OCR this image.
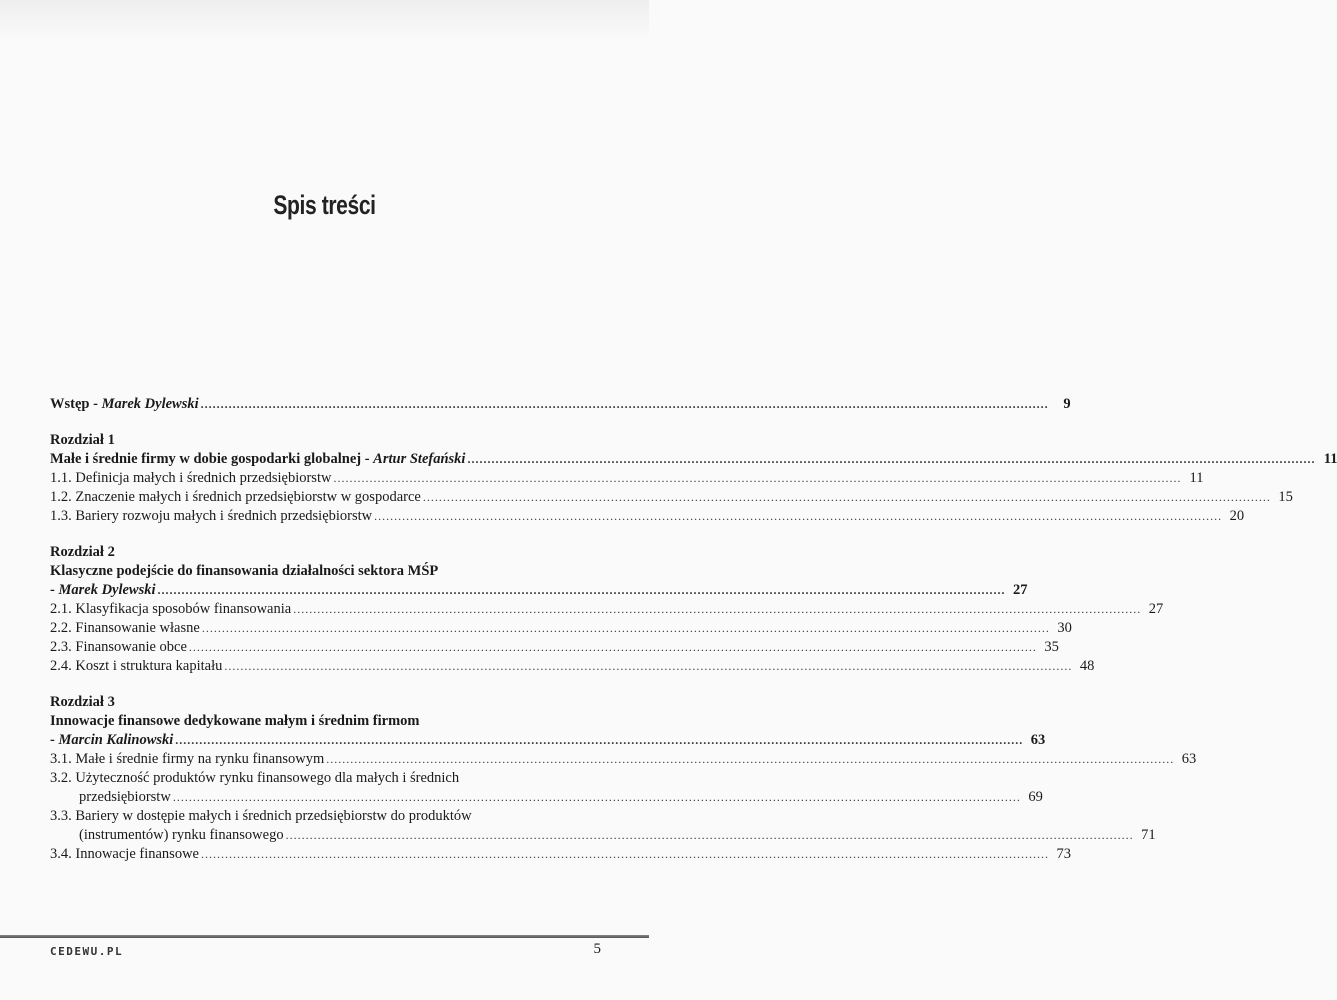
Spis treści
Wstęp - Marek Dylewski .....	9
Rozdział 1
Małe i średnie firmy w dobie gospodarki globalnej - Artur Stefański .....	11
1.1. Definicja małych i średnich przedsiębiorstw .....	11
1.2. Znaczenie małych i średnich przedsiębiorstw w gospodarce .....	15
1.3. Bariery rozwoju małych i średnich przedsiębiorstw .....	20
Rozdział 2
Klasyczne podejście do finansowania działalności sektora MŚP
- Marek Dylewski .....	27
2.1. Klasyfikacja sposobów finansowania .....	27
2.2. Finansowanie własne .....	30
2.3. Finansowanie obce .....	35
2.4. Koszt i struktura kapitału .....	48
Rozdział 3
Innowacje finansowe dedykowane małym i średnim firmom
- Marcin Kalinowski .....	63
3.1. Małe i średnie firmy na rynku finansowym .....	63
3.2. Użyteczność produktów rynku finansowego dla małych i średnich
przedsiębiorstw .....	69
3.3. Bariery w dostępie małych i średnich przedsiębiorstw do produktów
(instrumentów) rynku finansowego .....	71
3.4. Innowacje finansowe .....	73
CEDEWU.PL	5
